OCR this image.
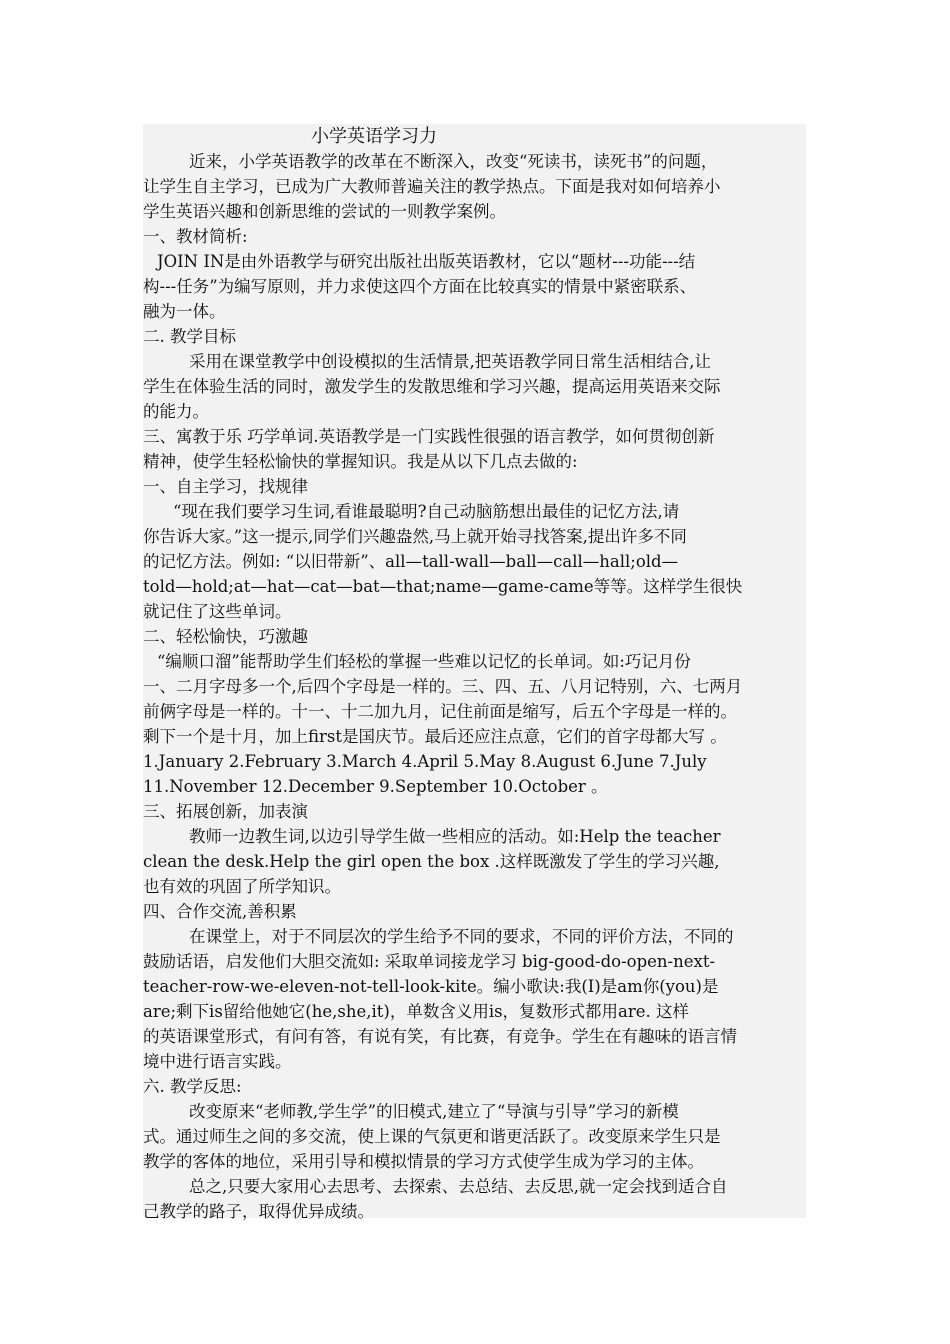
小学英语学习力
近来，小学英语教学的改革在不断深入，改变“死读书，读死书”的问题，
让学生自主学习，已成为广大教师普遍关注的教学热点。下面是我对如何培养小
学生英语兴趣和创新思维的尝试的一则教学案例。
一、教材简析:
JOIN IN是由外语教学与研究出版社出版英语教材，它以“题材---功能---结
构---任务”为编写原则，并力求使这四个方面在比较真实的情景中紧密联系、
融为一体。
二. 教学目标
采用在课堂教学中创设模拟的生活情景,把英语教学同日常生活相结合,让
学生在体验生活的同时，激发学生的发散思维和学习兴趣，提高运用英语来交际
的能力。
三、寓教于乐 巧学单词.英语教学是一门实践性很强的语言教学，如何贯彻创新
精神，使学生轻松愉快的掌握知识。我是从以下几点去做的:
一、自主学习，找规律
“现在我们要学习生词,看谁最聪明?自己动脑筋想出最佳的记忆方法,请
你告诉大家。”这一提示,同学们兴趣盎然,马上就开始寻找答案,提出许多不同
的记忆方法。例如: “以旧带新”、all—tall-wall—ball—call—hall;old—
told—hold;at—hat—cat—bat—that;name—game-came等等。这样学生很快
就记住了这些单词。
二、轻松愉快，巧激趣
“编顺口溜”能帮助学生们轻松的掌握一些难以记忆的长单词。如:巧记月份
一、二月字母多一个,后四个字母是一样的。三、四、五、八月记特别，六、七两月
前俩字母是一样的。十一、十二加九月，记住前面是缩写，后五个字母是一样的。
剩下一个是十月，加上first是国庆节。最后还应注点意，它们的首字母都大写 。
1.January 2.February 3.March 4.April 5.May 8.August 6.June 7.July
11.November 12.December 9.September 10.October 。
三、拓展创新，加表演
教师一边教生词,以边引导学生做一些相应的活动。如:Help the teacher
clean the desk.Help the girl open the box .这样既激发了学生的学习兴趣,
也有效的巩固了所学知识。
四、合作交流,善积累
在课堂上，对于不同层次的学生给予不同的要求，不同的评价方法，不同的
鼓励话语，启发他们大胆交流如: 采取单词接龙学习 big-good-do-open-next-
teacher-row-we-eleven-not-tell-look-kite。编小歌诀:我(I)是am你(you)是
are;剩下is留给他她它(he,she,it)，单数含义用is，复数形式都用are. 这样
的英语课堂形式，有问有答，有说有笑，有比赛，有竞争。学生在有趣味的语言情
境中进行语言实践。
六. 教学反思:
改变原来“老师教,学生学”的旧模式,建立了“导演与引导”学习的新模
式。通过师生之间的多交流，使上课的气氛更和谐更活跃了。改变原来学生只是
教学的客体的地位，采用引导和模拟情景的学习方式使学生成为学习的主体。
总之,只要大家用心去思考、去探索、去总结、去反思,就一定会找到适合自
己教学的路子，取得优异成绩。
